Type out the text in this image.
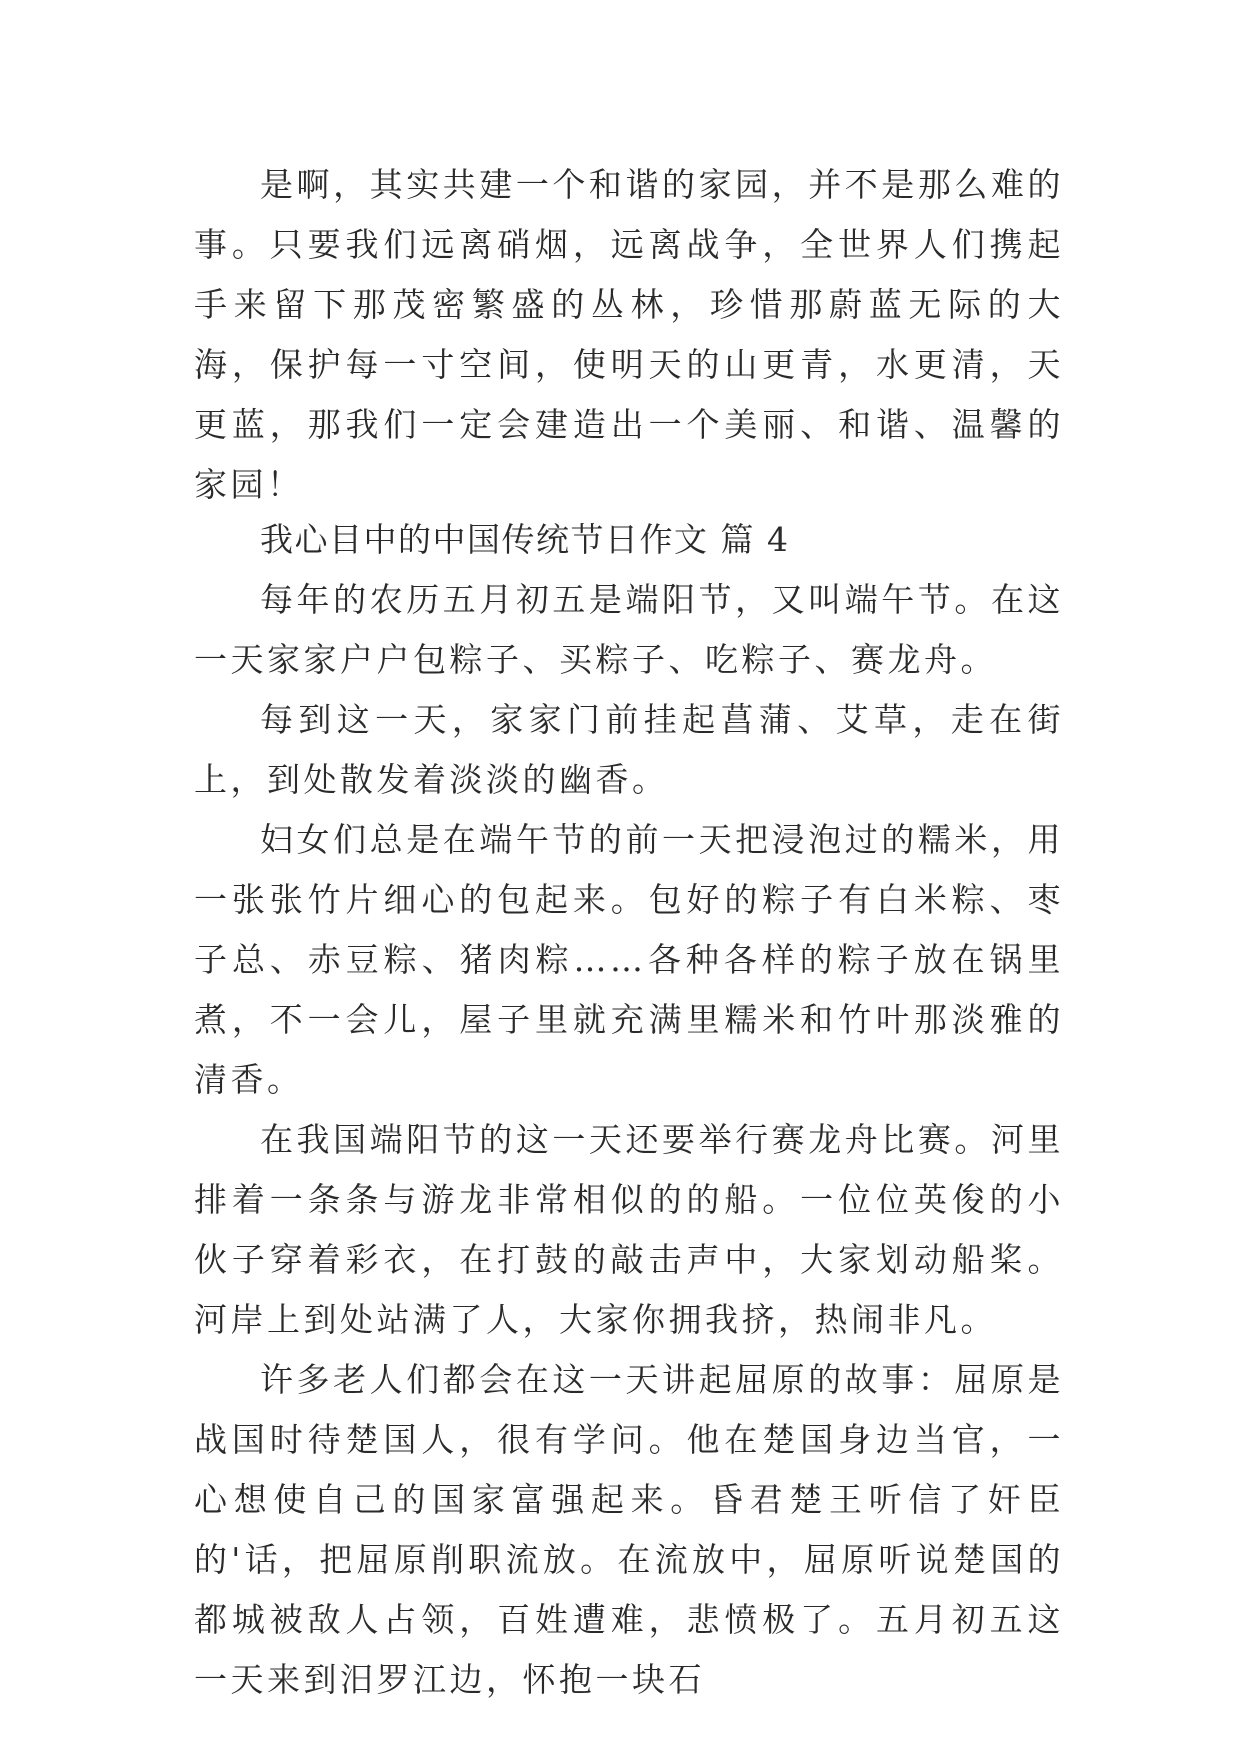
是啊，其实共建一个和谐的家园，并不是那么难的事。只要我们远离硝烟，远离战争，全世界人们携起手来留下那茂密繁盛的丛林，珍惜那蔚蓝无际的大海，保护每一寸空间，使明天的山更青，水更清，天更蓝，那我们一定会建造出一个美丽、和谐、温馨的家园！

我心目中的中国传统节日作文 篇 4

每年的农历五月初五是端阳节，又叫端午节。在这一天家家户户包粽子、买粽子、吃粽子、赛龙舟。

每到这一天，家家门前挂起菖蒲、艾草，走在街上，到处散发着淡淡的幽香。

妇女们总是在端午节的前一天把浸泡过的糯米，用一张张竹片细心的包起来。包好的粽子有白米粽、枣子总、赤豆粽、猪肉粽……各种各样的粽子放在锅里煮，不一会儿，屋子里就充满里糯米和竹叶那淡雅的清香。

在我国端阳节的这一天还要举行赛龙舟比赛。河里排着一条条与游龙非常相似的的船。一位位英俊的小伙子穿着彩衣，在打鼓的敲击声中，大家划动船桨。河岸上到处站满了人，大家你拥我挤，热闹非凡。

许多老人们都会在这一天讲起屈原的故事：屈原是战国时待楚国人，很有学问。他在楚国身边当官，一心想使自己的国家富强起来。昏君楚王听信了奸臣的'话，把屈原削职流放。在流放中，屈原听说楚国的都城被敌人占领，百姓遭难，悲愤极了。五月初五这一天来到汨罗江边，怀抱一块石
